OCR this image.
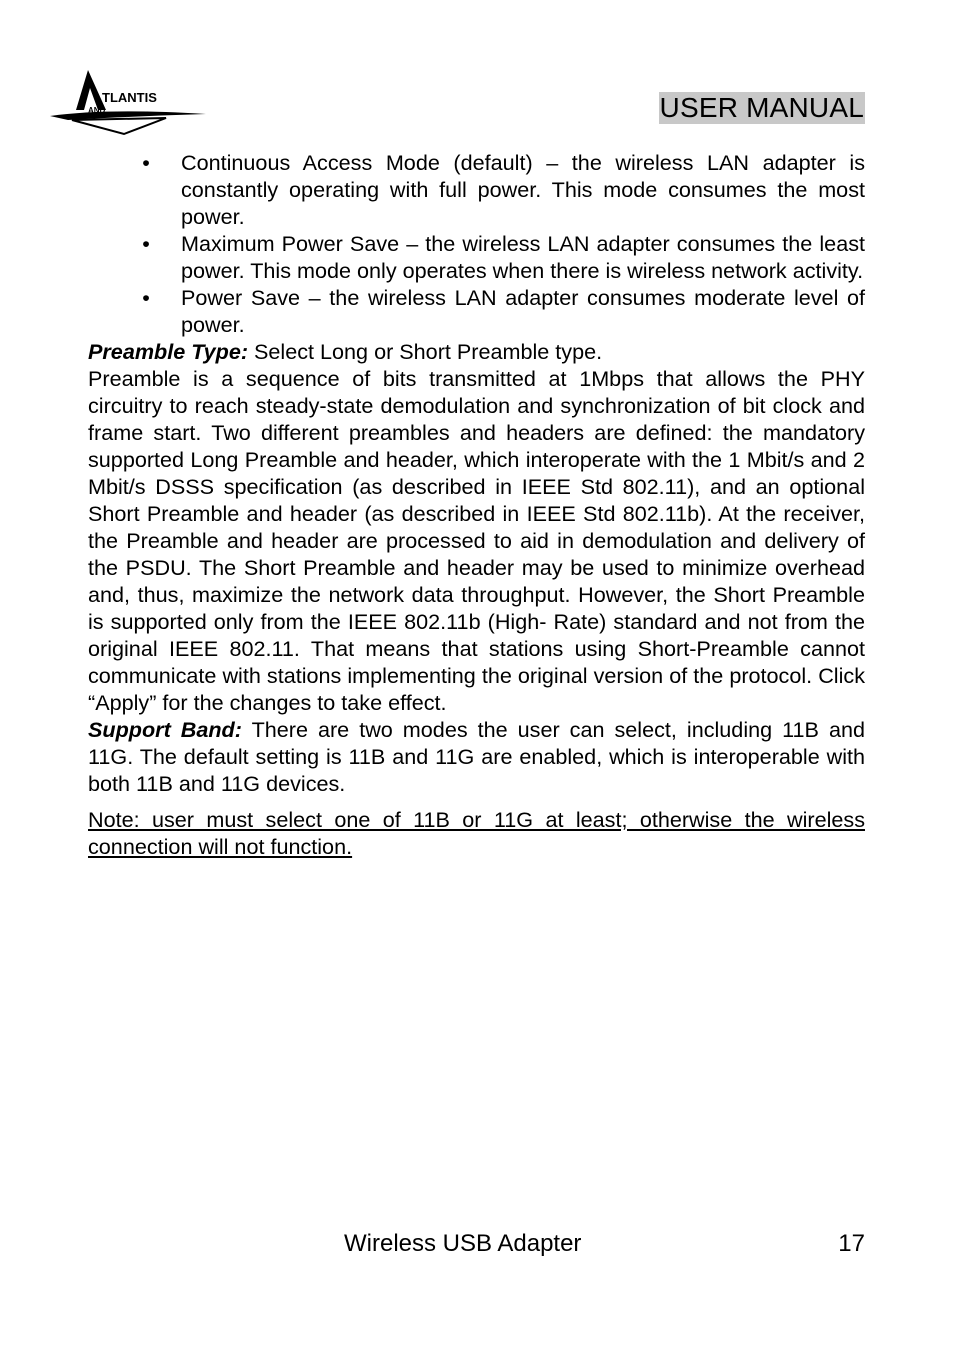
TLANTIS
AND	USER MANUAL
• Continuous Access Mode (default) – the wireless LAN adapter is constantly operating with full power. This mode consumes the most power.
• Maximum Power Save – the wireless LAN adapter consumes the least power. This mode only operates when there is wireless network activity.
• Power Save – the wireless LAN adapter consumes moderate level of power.

Preamble Type: Select Long or Short Preamble type.

Preamble is a sequence of bits transmitted at 1Mbps that allows the PHY circuitry to reach steady-state demodulation and synchronization of bit clock and frame start. Two different preambles and headers are defined: the mandatory supported Long Preamble and header, which interoperate with the 1 Mbit/s and 2 Mbit/s DSSS specification (as described in IEEE Std 802.11), and an optional Short Preamble and header (as described in IEEE Std 802.11b). At the receiver, the Preamble and header are processed to aid in demodulation and delivery of the PSDU. The Short Preamble and header may be used to minimize overhead and, thus, maximize the network data throughput. However, the Short Preamble is supported only from the IEEE 802.11b (High- Rate) standard and not from the original IEEE 802.11. That means that stations using Short-Preamble cannot communicate with stations implementing the original version of the protocol. Click “Apply” for the changes to take effect.

Support Band: There are two modes the user can select, including 11B and 11G. The default setting is 11B and 11G are enabled, which is interoperable with both 11B and 11G devices.

Note: user must select one of 11B or 11G at least; otherwise the wireless connection will not function.

Wireless USB Adapter	17
